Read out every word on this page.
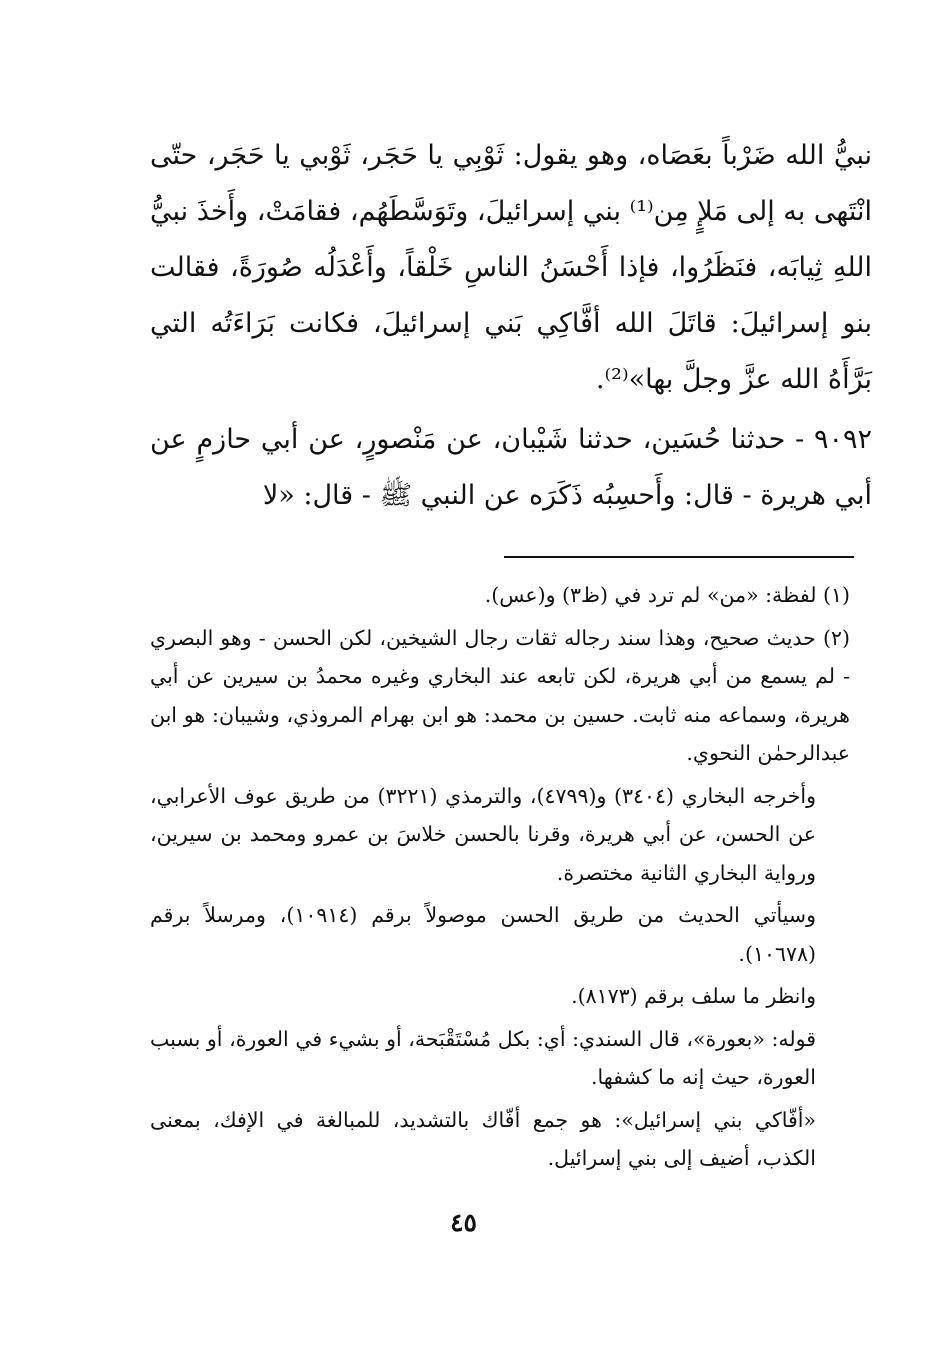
نبيُّ الله ضَرْباً بعَصَاه، وهو يقول: ثَوْبِي يا حَجَر، ثَوْبي يا حَجَر، حتّى انْتَهى به إلى مَلإٍ مِن⁽¹⁾ بني إسرائيلَ، وتَوَسَّطَهُم، فقامَتْ، وأَخذَ نبيُّ اللهِ ثِيابَه، فنَظَرُوا، فإذا أَحْسَنُ الناسِ خَلْقاً، وأَعْدَلُه صُورَةً، فقالت بنو إسرائيلَ: قاتَلَ الله أفَّاكِي بَني إسرائيلَ، فكانت بَرَاءَتُه التي بَرَّأَهُ الله عزَّ وجلَّ بها»⁽²⁾.

٩٠٩٢ - حدثنا حُسَين، حدثنا شَيْبان، عن مَنْصورٍ، عن أبي حازمٍ عن أبي هريرة - قال: وأَحسِبُه ذَكَرَه عن النبي ﷺ - قال: «لا

(١) لفظة: «من» لم ترد في (ظ٣) و(عس).

(٢) حديث صحيح، وهذا سند رجاله ثقات رجال الشيخين، لكن الحسن - وهو البصري - لم يسمع من أبي هريرة، لكن تابعه عند البخاري وغيره محمدُ بن سيرين عن أبي هريرة، وسماعه منه ثابت. حسين بن محمد: هو ابن بهرام المروذي، وشيبان: هو ابن عبدالرحمٰن النحوي.

وأخرجه البخاري (٣٤٠٤) و(٤٧٩٩)، والترمذي (٣٢٢١) من طريق عوف الأعرابي، عن الحسن، عن أبي هريرة، وقرنا بالحسن خلاسَ بن عمرو ومحمد بن سيرين، ورواية البخاري الثانية مختصرة.

وسيأتي الحديث من طريق الحسن موصولاً برقم (١٠٩١٤)، ومرسلاً برقم (١٠٦٧٨).

وانظر ما سلف برقم (٨١٧٣).

قوله: «بعورة»، قال السندي: أي: بكل مُسْتَقْبَحة، أو بشيء في العورة، أو بسبب العورة، حيث إنه ما كشفها.

«أفّاكي بني إسرائيل»: هو جمع أفّاك بالتشديد، للمبالغة في الإفك، بمعنى الكذب، أضيف إلى بني إسرائيل.

٤٥
